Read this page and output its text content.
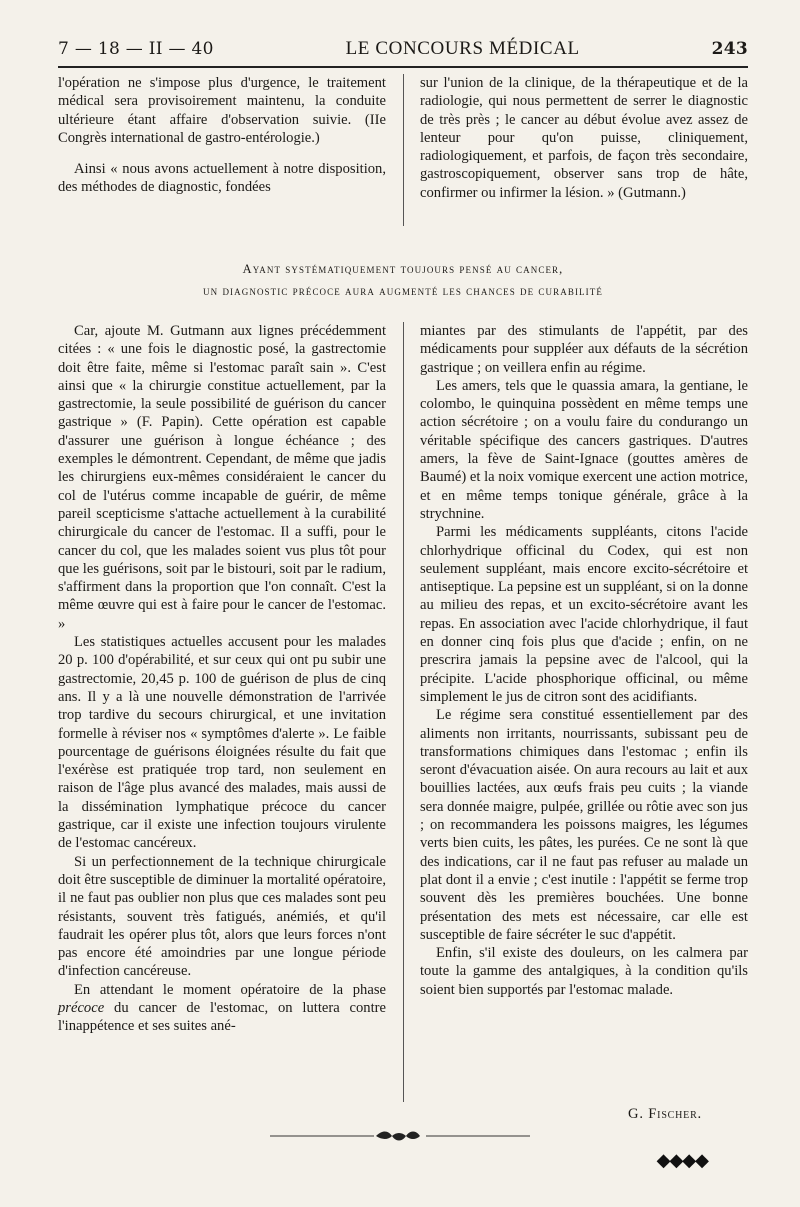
7 — 18 — II — 40	LE CONCOURS MÉDICAL	243

l'opération ne s'impose plus d'urgence, le traitement médical sera provisoirement maintenu, la conduite ultérieure étant affaire d'observation suivie. (IIe Congrès international de gastro-entérologie.)

Ainsi « nous avons actuellement à notre disposition, des méthodes de diagnostic, fondées

sur l'union de la clinique, de la thérapeutique et de la radiologie, qui nous permettent de serrer le diagnostic de très près ; le cancer au début évolue avez assez de lenteur pour qu'on puisse, cliniquement, radiologiquement, et parfois, de façon très secondaire, gastroscopiquement, observer sans trop de hâte, confirmer ou infirmer la lésion. » (Gutmann.)

Ayant systématiquement toujours pensé au cancer,
un diagnostic précoce aura augmenté les chances de curabilité

Car, ajoute M. Gutmann aux lignes précédemment citées : « une fois le diagnostic posé, la gastrectomie doit être faite, même si l'estomac paraît sain ». C'est ainsi que « la chirurgie constitue actuellement, par la gastrectomie, la seule possibilité de guérison du cancer gastrique » (F. Papin). Cette opération est capable d'assurer une guérison à longue échéance ; des exemples le démontrent. Cependant, de même que jadis les chirurgiens eux-mêmes considéraient le cancer du col de l'utérus comme incapable de guérir, de même pareil scepticisme s'attache actuellement à la curabilité chirurgicale du cancer de l'estomac. Il a suffi, pour le cancer du col, que les malades soient vus plus tôt pour que les guérisons, soit par le bistouri, soit par le radium, s'affirment dans la proportion que l'on connaît. C'est la même œuvre qui est à faire pour le cancer de l'estomac. »

Les statistiques actuelles accusent pour les malades 20 p. 100 d'opérabilité, et sur ceux qui ont pu subir une gastrectomie, 20,45 p. 100 de guérison de plus de cinq ans. Il y a là une nouvelle démonstration de l'arrivée trop tardive du secours chirurgical, et une invitation formelle à réviser nos « symptômes d'alerte ». Le faible pourcentage de guérisons éloignées résulte du fait que l'exérèse est pratiquée trop tard, non seulement en raison de l'âge plus avancé des malades, mais aussi de la dissémination lymphatique précoce du cancer gastrique, car il existe une infection toujours virulente de l'estomac cancéreux.

Si un perfectionnement de la technique chirurgicale doit être susceptible de diminuer la mortalité opératoire, il ne faut pas oublier non plus que ces malades sont peu résistants, souvent très fatigués, anémiés, et qu'il faudrait les opérer plus tôt, alors que leurs forces n'ont pas encore été amoindries par une longue période d'infection cancéreuse.

En attendant le moment opératoire de la phase précoce du cancer de l'estomac, on luttera contre l'inappétence et ses suites ané-

miantes par des stimulants de l'appétit, par des médicaments pour suppléer aux défauts de la sécrétion gastrique ; on veillera enfin au régime.

Les amers, tels que le quassia amara, la gentiane, le colombo, le quinquina possèdent en même temps une action sécrétoire ; on a voulu faire du condurango un véritable spécifique des cancers gastriques. D'autres amers, la fève de Saint-Ignace (gouttes amères de Baumé) et la noix vomique exercent une action motrice, et en même temps tonique générale, grâce à la strychnine.

Parmi les médicaments suppléants, citons l'acide chlorhydrique officinal du Codex, qui est non seulement suppléant, mais encore excito-sécrétoire et antiseptique. La pepsine est un suppléant, si on la donne au milieu des repas, et un excito-sécrétoire avant les repas. En association avec l'acide chlorhydrique, il faut en donner cinq fois plus que d'acide ; enfin, on ne prescrira jamais la pepsine avec de l'alcool, qui la précipite. L'acide phosphorique officinal, ou même simplement le jus de citron sont des acidifiants.

Le régime sera constitué essentiellement par des aliments non irritants, nourrissants, subissant peu de transformations chimiques dans l'estomac ; enfin ils seront d'évacuation aisée. On aura recours au lait et aux bouillies lactées, aux œufs frais peu cuits ; la viande sera donnée maigre, pulpée, grillée ou rôtie avec son jus ; on recommandera les poissons maigres, les légumes verts bien cuits, les pâtes, les purées. Ce ne sont là que des indications, car il ne faut pas refuser au malade un plat dont il a envie ; c'est inutile : l'appétit se ferme trop souvent dès les premières bouchées. Une bonne présentation des mets est nécessaire, car elle est susceptible de faire sécréter le suc d'appétit.

Enfin, s'il existe des douleurs, on les calmera par toute la gamme des antalgiques, à la condition qu'ils soient bien supportés par l'estomac malade.

G. Fischer.
◆◆◆◆
